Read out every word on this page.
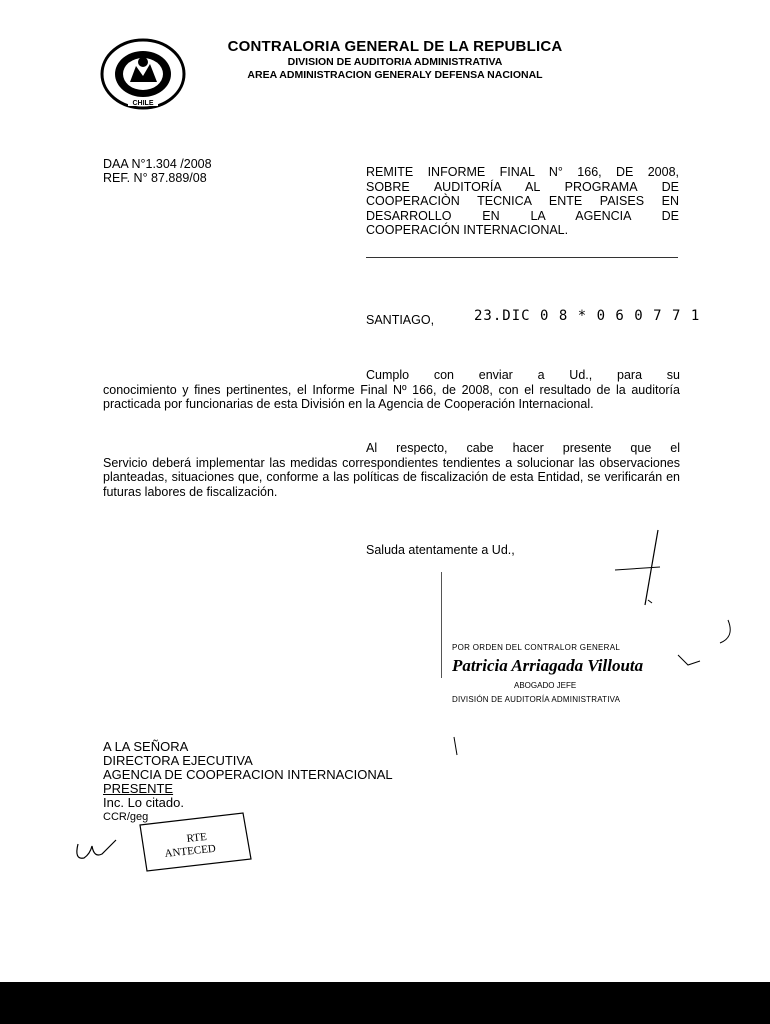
CHILE
CONTRALORIA GENERAL DE LA REPUBLICA
DIVISION DE AUDITORIA ADMINISTRATIVA
AREA ADMINISTRACION GENERALY DEFENSA NACIONAL
DAA N°1.304 /2008
REF. N° 87.889/08	REMITE INFORME FINAL N° 166, DE 2008,
SOBRE AUDITORÍA AL PROGRAMA DE
COOPERACIÒN TECNICA ENTE PAISES EN
DESARROLLO EN LA AGENCIA DE
COOPERACIÓN INTERNACIONAL.
SANTIAGO,	23.DIC 0 8 * 0 6 0 7 7 1
Cumplo con enviar a Ud., para su
conocimiento y fines pertinentes, el Informe Final Nº 166, de 2008, con el resultado de la auditoría practicada por funcionarias de esta División en la Agencia de Cooperación Internacional.
Al respecto, cabe hacer presente que el
Servicio deberá implementar las medidas correspondientes tendientes a solucionar las observaciones planteadas, situaciones que, conforme a las políticas de fiscalización de esta Entidad, se verificarán en futuras labores de fiscalización.
Saluda atentamente a Ud.,
POR ORDEN DEL CONTRALOR GENERAL
Patricia Arriagada Villouta
ABOGADO JEFE
DIVISIÓN DE AUDITORÍA ADMINISTRATIVA
A LA SEÑORA
DIRECTORA EJECUTIVA
AGENCIA DE COOPERACION INTERNACIONAL
PRESENTE
Inc. Lo citado.
CCR/geg
RTE
ANTECED
